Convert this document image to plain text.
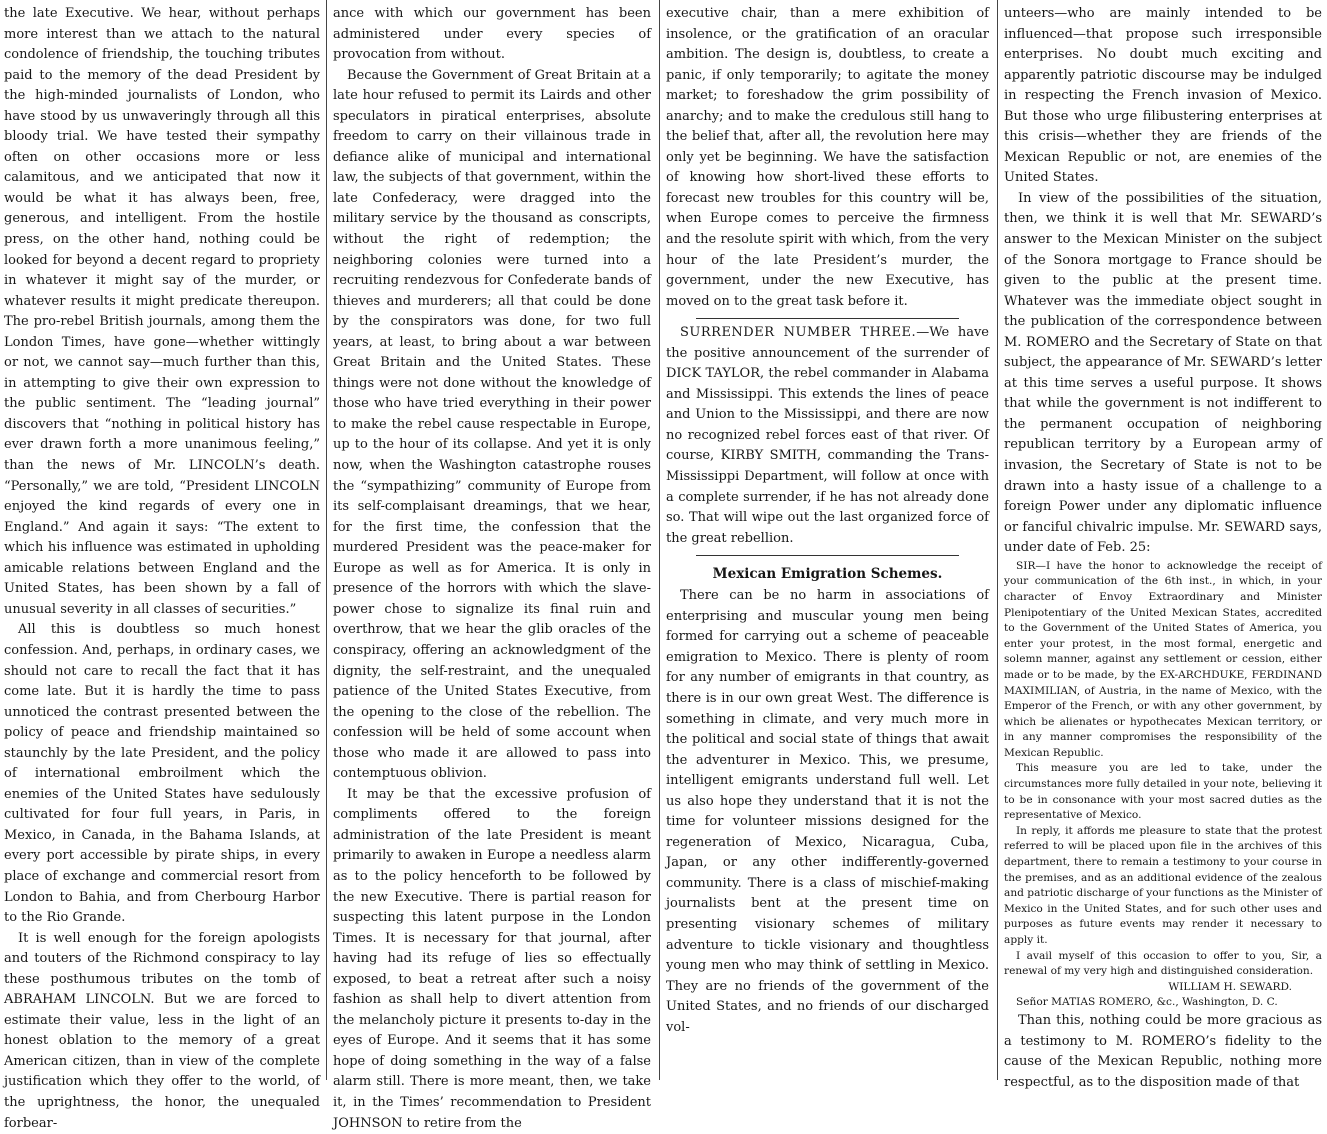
the late Executive. We hear, without perhaps more interest than we attach to the natural condolence of friendship, the touching tributes paid to the memory of the dead President by the high-minded journalists of London, who have stood by us unwaveringly through all this bloody trial. We have tested their sympathy often on other occasions more or less calamitous, and we anticipated that now it would be what it has always been, free, generous, and intelligent. From the hostile press, on the other hand, nothing could be looked for beyond a decent regard to propriety in whatever it might say of the murder, or whatever results it might predicate thereupon. The pro-rebel British journals, among them the London Times, have gone—whether wittingly or not, we cannot say—much further than this, in attempting to give their own expression to the public sentiment. The “leading journal” discovers that “nothing in political history has ever drawn forth a more unanimous feeling,” than the news of Mr. LINCOLN’s death. “Personally,” we are told, “President LINCOLN enjoyed the kind regards of every one in England.” And again it says: “The extent to which his influence was estimated in upholding amicable relations between England and the United States, has been shown by a fall of unusual severity in all classes of securities.”

All this is doubtless so much honest confession. And, perhaps, in ordinary cases, we should not care to recall the fact that it has come late. But it is hardly the time to pass unnoticed the contrast presented between the policy of peace and friendship maintained so staunchly by the late President, and the policy of international embroilment which the enemies of the United States have sedulously cultivated for four full years, in Paris, in Mexico, in Canada, in the Bahama Islands, at every port accessible by pirate ships, in every place of exchange and commercial resort from London to Bahia, and from Cherbourg Harbor to the Rio Grande.

It is well enough for the foreign apologists and touters of the Richmond conspiracy to lay these posthumous tributes on the tomb of ABRAHAM LINCOLN. But we are forced to estimate their value, less in the light of an honest oblation to the memory of a great American citizen, than in view of the complete justification which they offer to the world, of the uprightness, the honor, the unequaled forbear-

ance with which our government has been administered under every species of provocation from without.

Because the Government of Great Britain at a late hour refused to permit its Lairds and other speculators in piratical enterprises, absolute freedom to carry on their villainous trade in defiance alike of municipal and international law, the subjects of that government, within the late Confederacy, were dragged into the military service by the thousand as conscripts, without the right of redemption; the neighboring colonies were turned into a recruiting rendezvous for Confederate bands of thieves and murderers; all that could be done by the conspirators was done, for two full years, at least, to bring about a war between Great Britain and the United States. These things were not done without the knowledge of those who have tried everything in their power to make the rebel cause respectable in Europe, up to the hour of its collapse. And yet it is only now, when the Washington catastrophe rouses the “sympathizing” community of Europe from its self-complaisant dreamings, that we hear, for the first time, the confession that the murdered President was the peace-maker for Europe as well as for America. It is only in presence of the horrors with which the slave-power chose to signalize its final ruin and overthrow, that we hear the glib oracles of the conspiracy, offering an acknowledgment of the dignity, the self-restraint, and the unequaled patience of the United States Executive, from the opening to the close of the rebellion. The confession will be held of some account when those who made it are allowed to pass into contemptuous oblivion.

It may be that the excessive profusion of compliments offered to the foreign administration of the late President is meant primarily to awaken in Europe a needless alarm as to the policy henceforth to be followed by the new Executive. There is partial reason for suspecting this latent purpose in the London Times. It is necessary for that journal, after having had its refuge of lies so effectually exposed, to beat a retreat after such a noisy fashion as shall help to divert attention from the melancholy picture it presents to-day in the eyes of Europe. And it seems that it has some hope of doing something in the way of a false alarm still. There is more meant, then, we take it, in the Times’ recommendation to President JOHNSON to retire from the

executive chair, than a mere exhibition of insolence, or the gratification of an oracular ambition. The design is, doubtless, to create a panic, if only temporarily; to agitate the money market; to foreshadow the grim possibility of anarchy; and to make the credulous still hang to the belief that, after all, the revolution here may only yet be beginning. We have the satisfaction of knowing how short-lived these efforts to forecast new troubles for this country will be, when Europe comes to perceive the firmness and the resolute spirit with which, from the very hour of the late President’s murder, the government, under the new Executive, has moved on to the great task before it.

SURRENDER NUMBER THREE.—We have the positive announcement of the surrender of DICK TAYLOR, the rebel commander in Alabama and Mississippi. This extends the lines of peace and Union to the Mississippi, and there are now no recognized rebel forces east of that river. Of course, KIRBY SMITH, commanding the Trans-Mississippi Department, will follow at once with a complete surrender, if he has not already done so. That will wipe out the last organized force of the great rebellion.

Mexican Emigration Schemes.

There can be no harm in associations of enterprising and muscular young men being formed for carrying out a scheme of peaceable emigration to Mexico. There is plenty of room for any number of emigrants in that country, as there is in our own great West. The difference is something in climate, and very much more in the political and social state of things that await the adventurer in Mexico. This, we presume, intelligent emigrants understand full well. Let us also hope they understand that it is not the time for volunteer missions designed for the regeneration of Mexico, Nicaragua, Cuba, Japan, or any other indifferently-governed community. There is a class of mischief-making journalists bent at the present time on presenting visionary schemes of military adventure to tickle visionary and thoughtless young men who may think of settling in Mexico. They are no friends of the government of the United States, and no friends of our discharged vol-

unteers—who are mainly intended to be influenced—that propose such irresponsible enterprises. No doubt much exciting and apparently patriotic discourse may be indulged in respecting the French invasion of Mexico. But those who urge filibustering enterprises at this crisis—whether they are friends of the Mexican Republic or not, are enemies of the United States.

In view of the possibilities of the situation, then, we think it is well that Mr. SEWARD’s answer to the Mexican Minister on the subject of the Sonora mortgage to France should be given to the public at the present time. Whatever was the immediate object sought in the publication of the correspondence between M. ROMERO and the Secretary of State on that subject, the appearance of Mr. SEWARD’s letter at this time serves a useful purpose. It shows that while the government is not indifferent to the permanent occupation of neighboring republican territory by a European army of invasion, the Secretary of State is not to be drawn into a hasty issue of a challenge to a foreign Power under any diplomatic influence or fanciful chivalric impulse. Mr. SEWARD says, under date of Feb. 25:

SIR—I have the honor to acknowledge the receipt of your communication of the 6th inst., in which, in your character of Envoy Extraordinary and Minister Plenipotentiary of the United Mexican States, accredited to the Government of the United States of America, you enter your protest, in the most formal, energetic and solemn manner, against any settlement or cession, either made or to be made, by the EX-ARCHDUKE, FERDINAND MAXIMILIAN, of Austria, in the name of Mexico, with the Emperor of the French, or with any other government, by which be alienates or hypothecates Mexican territory, or in any manner compromises the responsibility of the Mexican Republic.

This measure you are led to take, under the circumstances more fully detailed in your note, believing it to be in consonance with your most sacred duties as the representative of Mexico.

In reply, it affords me pleasure to state that the protest referred to will be placed upon file in the archives of this department, there to remain a testimony to your course in the premises, and as an additional evidence of the zealous and patriotic discharge of your functions as the Minister of Mexico in the United States, and for such other uses and purposes as future events may render it necessary to apply it.

I avail myself of this occasion to offer to you, Sir, a renewal of my very high and distinguished consideration.

WILLIAM H. SEWARD.

Señor MATIAS ROMERO, &c., Washington, D. C.

Than this, nothing could be more gracious as a testimony to M. ROMERO’s fidelity to the cause of the Mexican Republic, nothing more respectful, as to the disposition made of that
